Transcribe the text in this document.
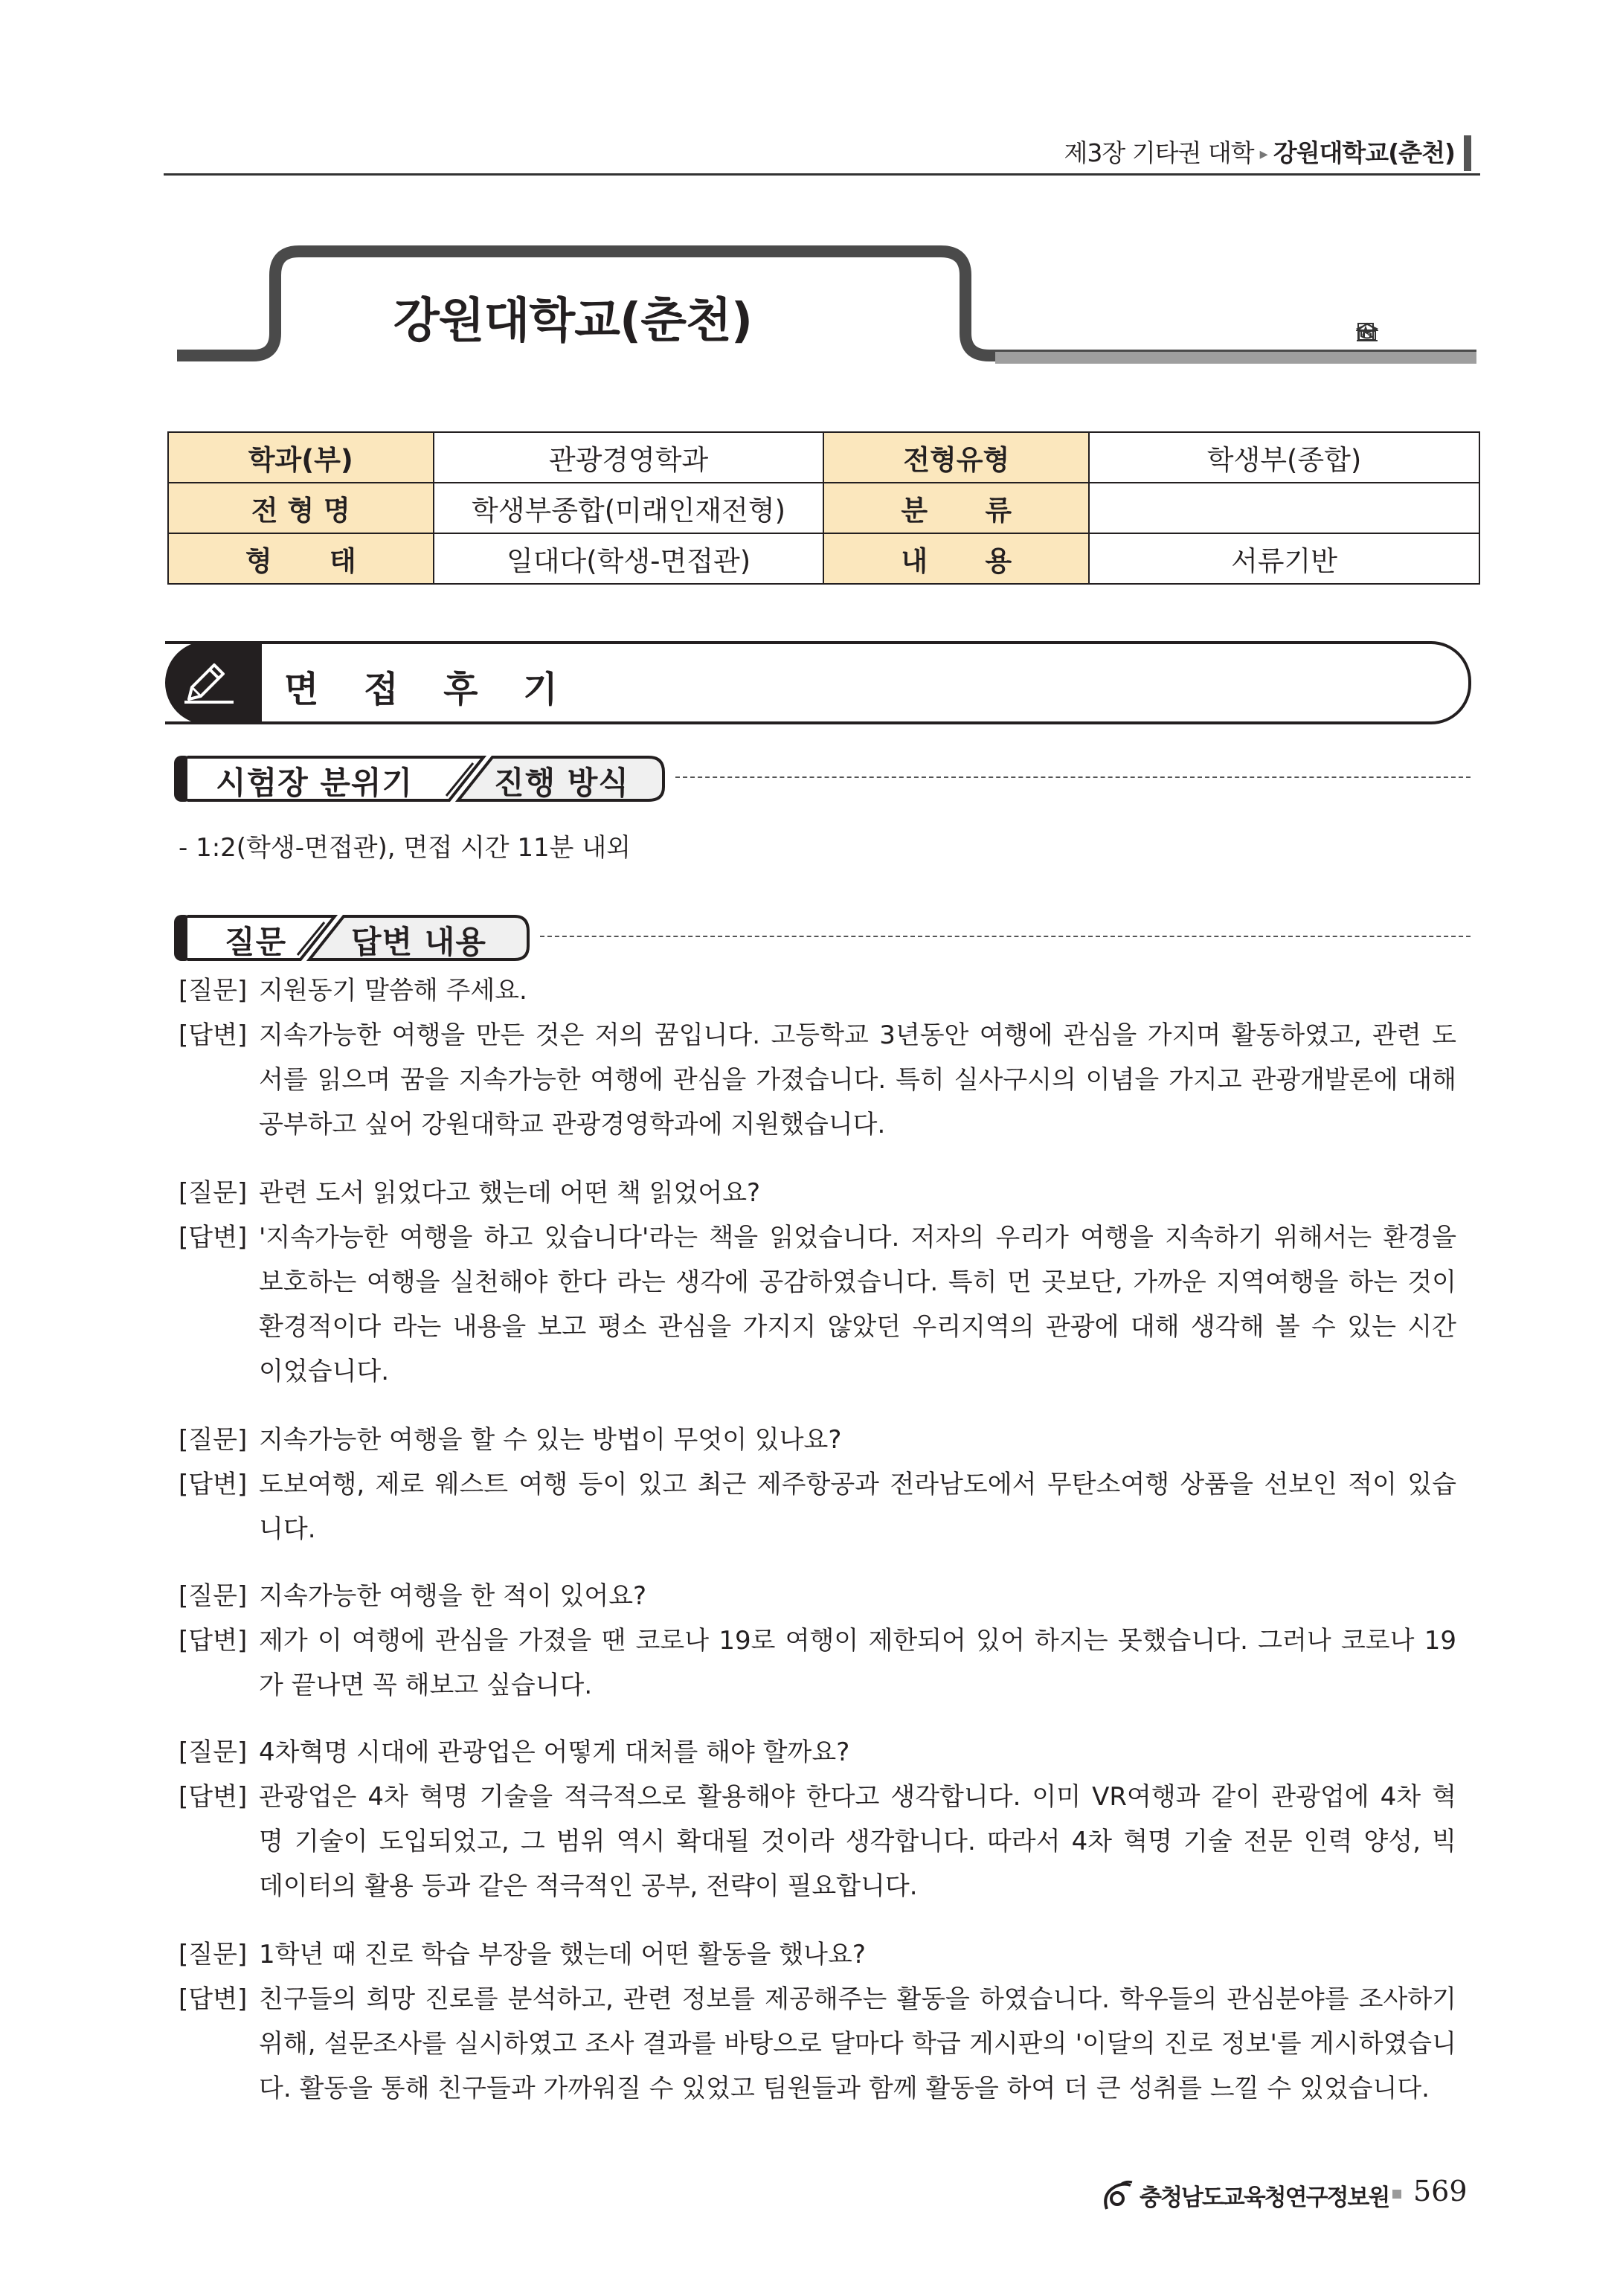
제3장 기타권 대학 ▸ 강원대학교(춘천)
강원대학교(춘천)
학과(부)	관광경영학과	전형유형	학생부(종합)
전 형 명	학생부종합(미래인재전형)	분      류	
형      태	일대다(학생-면접관)	내      용	서류기반
면 접 후 기
시험장 분위기	진행 방식
- 1:2(학생-면접관), 면접 시간 11분 내외
질문 답변 내용
[질문] 지원동기 말씀해 주세요.
[답변] 지속가능한 여행을 만든 것은 저의 꿈입니다. 고등학교 3년동안 여행에 관심을 가지며 활동하였고, 관련 도
서를 읽으며 꿈을 지속가능한 여행에 관심을 가졌습니다. 특히 실사구시의 이념을 가지고 관광개발론에 대해
공부하고 싶어 강원대학교 관광경영학과에 지원했습니다.
[질문] 관련 도서 읽었다고 했는데 어떤 책 읽었어요?
[답변] '지속가능한 여행을 하고 있습니다'라는 책을 읽었습니다. 저자의 우리가 여행을 지속하기 위해서는 환경을
보호하는 여행을 실천해야 한다 라는 생각에 공감하였습니다. 특히 먼 곳보단, 가까운 지역여행을 하는 것이
환경적이다 라는 내용을 보고 평소 관심을 가지지 않았던 우리지역의 관광에 대해 생각해 볼 수 있는 시간
이었습니다.
[질문] 지속가능한 여행을 할 수 있는 방법이 무엇이 있나요?
[답변] 도보여행, 제로 웨스트 여행 등이 있고 최근 제주항공과 전라남도에서 무탄소여행 상품을 선보인 적이 있습
니다.
[질문] 지속가능한 여행을 한 적이 있어요?
[답변] 제가 이 여행에 관심을 가졌을 땐 코로나 19로 여행이 제한되어 있어 하지는 못했습니다. 그러나 코로나 19
가 끝나면 꼭 해보고 싶습니다.
[질문] 4차혁명 시대에 관광업은 어떻게 대처를 해야 할까요?
[답변] 관광업은 4차 혁명 기술을 적극적으로 활용해야 한다고 생각합니다. 이미 VR여행과 같이 관광업에 4차 혁
명 기술이 도입되었고, 그 범위 역시 확대될 것이라 생각합니다. 따라서 4차 혁명 기술 전문 인력 양성, 빅
데이터의 활용 등과 같은 적극적인 공부, 전략이 필요합니다.
[질문] 1학년 때 진로 학습 부장을 했는데 어떤 활동을 했나요?
[답변] 친구들의 희망 진로를 분석하고, 관련 정보를 제공해주는 활동을 하였습니다. 학우들의 관심분야를 조사하기
위해, 설문조사를 실시하였고 조사 결과를 바탕으로 달마다 학급 게시판의 '이달의 진로 정보'를 게시하였습니
다. 활동을 통해 친구들과 가까워질 수 있었고 팀원들과 함께 활동을 하여 더 큰 성취를 느낄 수 있었습니다.
충청남도교육청연구정보원 569
